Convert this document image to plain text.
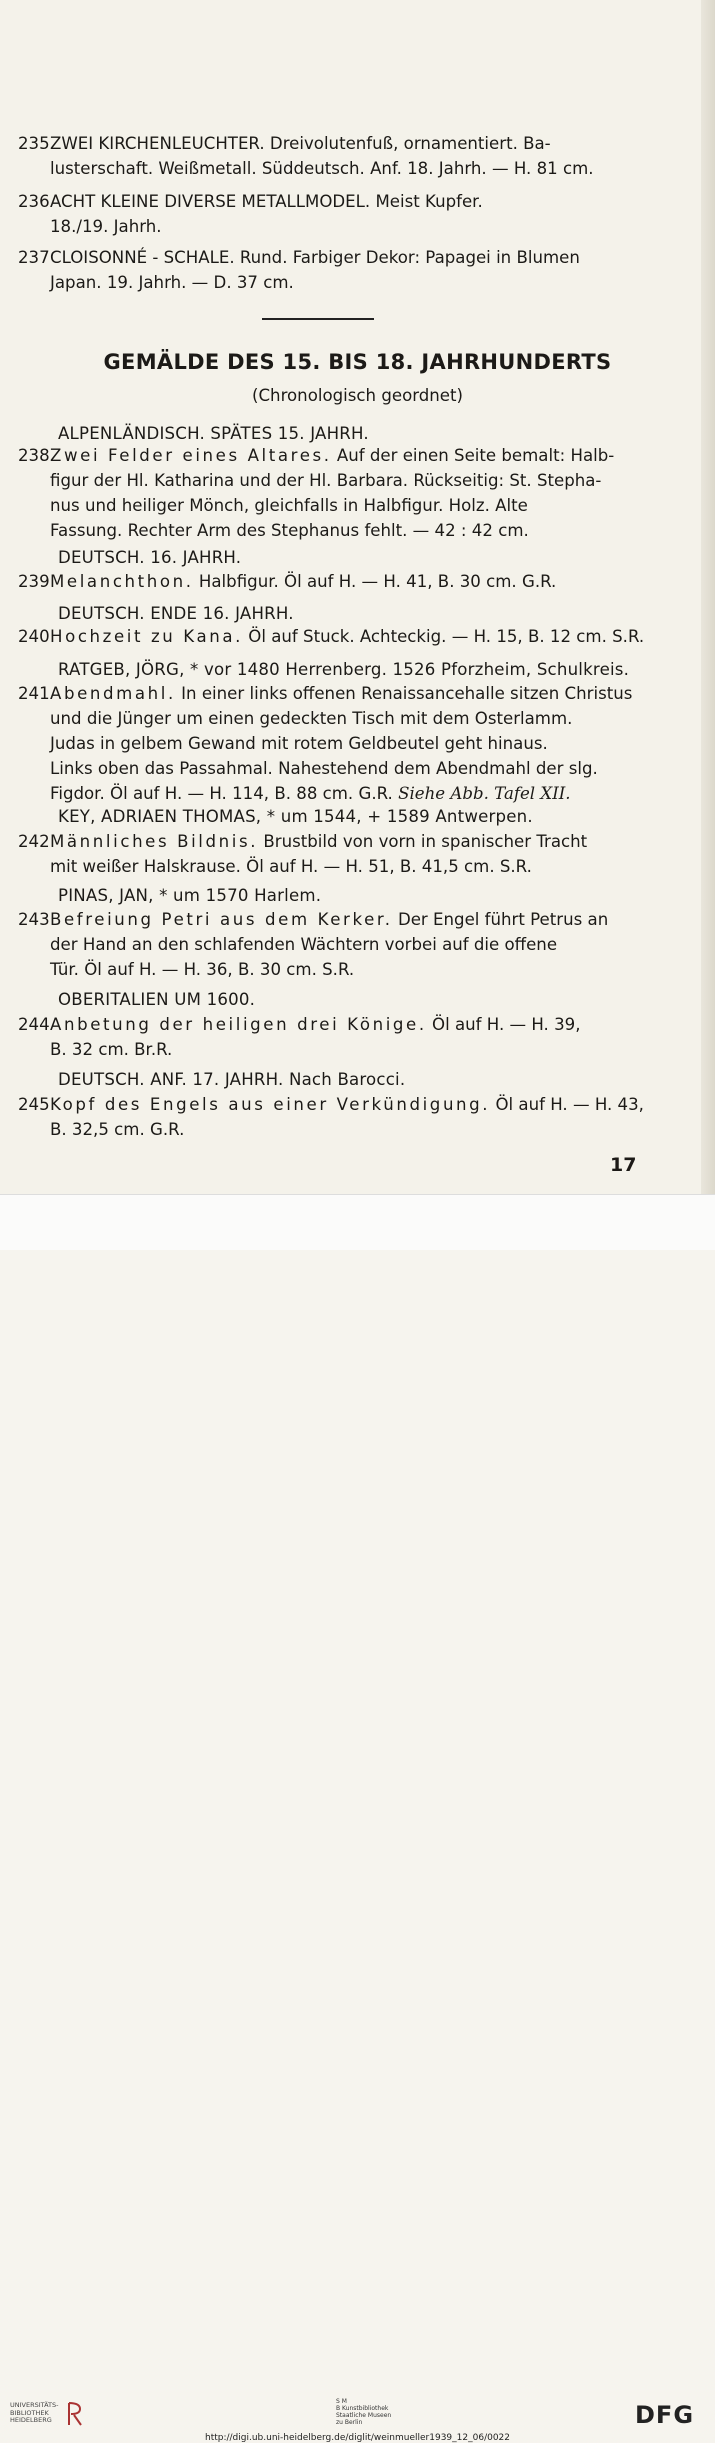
235 ZWEI KIRCHENLEUCHTER. Dreivolutenfuß, ornamentiert. Ba-
lusterschaft. Weißmetall. Süddeutsch. Anf. 18. Jahrh. — H. 81 cm.
236 ACHT KLEINE DIVERSE METALLMODEL. Meist Kupfer.
18./19. Jahrh.
237 CLOISONNÉ - SCHALE. Rund. Farbiger Dekor: Papagei in Blumen
Japan. 19. Jahrh. — D. 37 cm.
GEMÄLDE DES 15. BIS 18. JAHRHUNDERTS
(Chronologisch geordnet)
ALPENLÄNDISCH. SPÄTES 15. JAHRH.
238 Zwei Felder eines Altares. Auf der einen Seite bemalt: Halb-
figur der Hl. Katharina und der Hl. Barbara. Rückseitig: St. Stepha-
nus und heiliger Mönch, gleichfalls in Halbfigur. Holz. Alte
Fassung. Rechter Arm des Stephanus fehlt. — 42 : 42 cm.
DEUTSCH. 16. JAHRH.
239 Melanchthon. Halbfigur. Öl auf H. — H. 41, B. 30 cm. G.R.
DEUTSCH. ENDE 16. JAHRH.
240 Hochzeit zu Kana. Öl auf Stuck. Achteckig. — H. 15, B. 12 cm. S.R.
RATGEB, JÖRG, * vor 1480 Herrenberg. 1526 Pforzheim, Schulkreis.
241 Abendmahl. In einer links offenen Renaissancehalle sitzen Christus
und die Jünger um einen gedeckten Tisch mit dem Osterlamm.
Judas in gelbem Gewand mit rotem Geldbeutel geht hinaus.
Links oben das Passahmal. Nahestehend dem Abendmahl der slg.
Figdor. Öl auf H. — H. 114, B. 88 cm. G.R. Siehe Abb. Tafel XII.
KEY, ADRIAEN THOMAS, * um 1544, + 1589 Antwerpen.
242 Männliches Bildnis. Brustbild von vorn in spanischer Tracht
mit weißer Halskrause. Öl auf H. — H. 51, B. 41,5 cm. S.R.
PINAS, JAN, * um 1570 Harlem.
243 Befreiung Petri aus dem Kerker. Der Engel führt Petrus an
der Hand an den schlafenden Wächtern vorbei auf die offene
Tür. Öl auf H. — H. 36, B. 30 cm. S.R.
OBERITALIEN UM 1600.
244 Anbetung der heiligen drei Könige. Öl auf H. — H. 39,
B. 32 cm. Br.R.
DEUTSCH. ANF. 17. JAHRH. Nach Barocci.
245 Kopf des Engels aus einer Verkündigung. Öl auf H. — H. 43,
B. 32,5 cm. G.R.
17
UNIVERSITÄTS-
BIBLIOTHEK
HEIDELBERG
S M
B Kunstbibliothek
Staatliche Museen
zu Berlin	DFG
http://digi.ub.uni-heidelberg.de/diglit/weinmueller1939_12_06/0022
